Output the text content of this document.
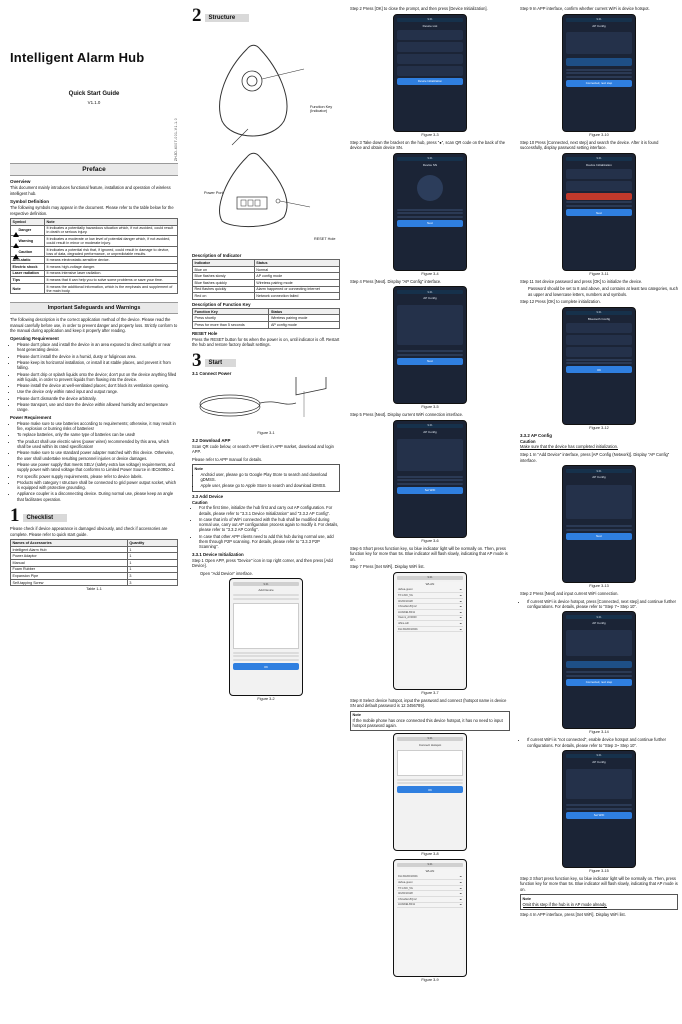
Intelligent Alarm Hub
Quick Start Guide
V1.1.0
ZHJD-4007-001-V1.1.0
Preface
Overview

This document mainly introduces functional feature, installation and operation of wireless intelligent hub.

Symbol Definition

The following symbols may appear in the document. Please refer to the table below for the respective definition.

Symbol	Note
Danger	It indicates a potentially hazardous situation which, if not avoided, could result in death or serious injury.
Warning	It indicates a moderate or low level of potential danger which, if not avoided, could result in minor or moderate injury.
Caution	It indicates a potential risk that, if ignored, could result in damage to device, loss of data, degraded performance, or unpredictable results.
Anti-static	It means electrostatic-sensitive device.
Electric shock	It means high-voltage danger.
Laser radiation	It means intensive laser radiation.
Tips	It means that it can help you to solve some problems or save your time.
Note	It means the additional information, which is the emphasis and supplement of the main body.
Important Safeguards and Warnings

The following description is the correct application method of the device. Please read the manual carefully before use, in order to prevent danger and property loss. Strictly conform to the manual during application and keep it properly after reading.

Operating Requirement
• Please don't place and install the device in an area exposed to direct sunlight or near heat generating device.
• Please don't install the device in a humid, dusty or fuliginous area.
• Please keep its horizontal installation, or install it at stable places, and prevent it from falling.
• Please don't drip or splash liquids onto the device; don't put on the device anything filled with liquids, in order to prevent liquids from flowing into the device.
• Please install the device at well-ventilated places; don't block its ventilation opening.
• Use the device only within rated input and output range.
• Please don't dismantle the device arbitrarily.
• Please transport, use and store the device within allowed humidity and temperature range.
Power Requirement
• Please make sure to use batteries according to requirements; otherwise, it may result in fire, explosion or burning risks of batteries!
• To replace batteries, only the same type of batteries can be used!
• The product shall use electric wires (power wires) recommended by this area, which shall be used within its rated specification!
• Please make sure to use standard power adapter matched with this device. Otherwise, the user shall undertake resulting personnel injuries or device damages.
• Please use power supply that meets SELV (safety extra low voltage) requirements, and supply power with rated voltage that conforms to Limited Power Source in IEC60950-1.
• For specific power supply requirements, please refer to device labels.
• Products with category I structure shall be connected to grid power output socket, which is equipped with protective grounding.
• Appliance coupler is a disconnecting device. During normal use, please keep an angle that facilitates operation.
1	Checklist

Please check if device appearance is damaged obviously, and check if accessories are complete. Please refer to quick start guide.

Names of Accessories	Quantity
Intelligent Alarm Hub	1
Power Adaptor	1
Manual	1
Foam Rubber	1
Expansion Pipe	3
Self-tapping Screw	3
Table 1-1
2	Structure
Function Key (Indicator)
Power Port
RESET Hole
Description of Indicator
Indicator	Status
Blue on	Normal
Blue flashes slowly	AP config mode
Blue flashes quickly	Wireless pairing mode
Red flashes quickly	Alarm happened or connecting internet
Red on	Network connection failed
Description of Function Key
Function Key	Status
Press shortly	Wireless pairing mode
Press for more than 5 seconds	AP config mode
RESET Hole

Press the RESET button for 6s when the power is on, until indicator is off. Restart the hub and restore factory default settings.

3	Start
3.1 Connect Power
Figure 3-1
3.2 Download APP

Scan QR code below, or search APP client in APP market, download and login APP.

Please refer to APP manual for details.

Note
• Android user, please go to Google Play Store to search and download gDMSS.
• Apple user, please go to Apple Store to search and download iDMSS.
3.3 Add Device
Caution
• For the first time, initialize the hub first and carry out AP configuration. For details, please refer to "3.3.1 Device Initialization" and "3.3.2 AP Config".
• In case that info of WiFi connected with the hub shall be modified during normal use, carry out AP configuration process again to modify it. For details, please refer to "3.3.2 AP Config".
• In case that other APP clients need to add this hub during normal use, add them through P2P scanning. For details, please refer to "3.3.3 P2P Scanning".
3.3.1 Device Initialization

Step 1 Open APP, press "Device" icon in top right corner, and then press [Add Device].

Open "Add Device" interface.

9:41
Add Device
OK
Figure 3-2

Step 2 Press [OK] to close the prompt, and then press [Device Initialization].

9:41
Device List
Device Initialization
Figure 3-3

Step 3 Take down the bracket on the hub, press "●", scan QR code on the back of the device and obtain device SN.

9:41
Device SN
Next
Figure 3-4

Step 4 Press [Next]. Display "AP Config" interface.

9:41
AP Config
Next
Figure 3-5

Step 5 Press [Next]. Display current WiFi connection interface.

9:41
AP Config
Set WiFi
Figure 3-6

Step 6 Short press function key, so blue indicator light will be normally on. Then, press function key for more than 5s. Blue indicator will flash slowly, indicating that AP mode is on.

Step 7 Press [Set WiFi]. Display WiFi list.

9:41
WLAN
dahua-guest	☁
TP-LINK_5G	☁
4K20190128	☁
ChinaNet-8Qm2	☁
HUAWEI-B311	☁
Xiaomi_AX3000	☁
office-wifi	☁
DH-SN20190301	☁
Figure 3-7

Step 8 Select device hotspot, input the password and connect (hotspot name is device SN and default password is 12 3456789).

Note
If the mobile phone has once connected this device hotspot, it has no need to input hotspot password again.
9:41
Connect Hotspot
OK
Figure 3-8
9:41
WLAN
DH-SN20190301	☁
dahua-guest	☁
TP-LINK_5G	☁
4K20190128	☁
ChinaNet-8Qm2	☁
HUAWEI-B311	☁
Figure 3-9

Step 9 In APP interface, confirm whether current WiFi is device hotspot.

9:41
AP Config
Connected, next step
Figure 3-10

Step 10 Press [Connected, next step] and search the device. After it is found successfully, display password setting interface.

9:41
Device Initialization

Next
Figure 3-11

Step 11 Set device password and press [OK] to initialize the device.

Password should be set to 8 and above, and contains at least two categories, such as upper and lowercase letters, numbers and symbols.

Step 12 Press [OK] to complete initialization.

9:41
Bluetooth Config
OK
Figure 3-12
3.3.2 AP Config
Caution

Make sure that the device has completed initialization.

Step 1 In "Add Device" interface, press [AP Config (Network)]. Display "AP Config" interface.

9:41
AP Config
Next
Figure 3-13

Step 2 Press [Next] and input current WiFi connection.

• If current WiFi is device hotspot, press [Connected, next step] and continue further configurations. For details, please refer to "Step 7~ Step 10".
9:41
AP Config
Connected, next step
Figure 3-14
• If current WiFi is "not connected", enable device hotspot and continue further configurations. For details, please refer to "Step 3~ Step 10".
9:41
AP Config
Set WiFi
Figure 3-15

Step 3 Short press function key, so blue indicator light will be normally on. Then, press function key for more than 5s. Blue indicator will flash slowly, indicating that AP mode is on.

Note
Omit this step if the hub is in AP mode already.

Step 4 In APP interface, press [Set WiFi]. Display WiFi list.
